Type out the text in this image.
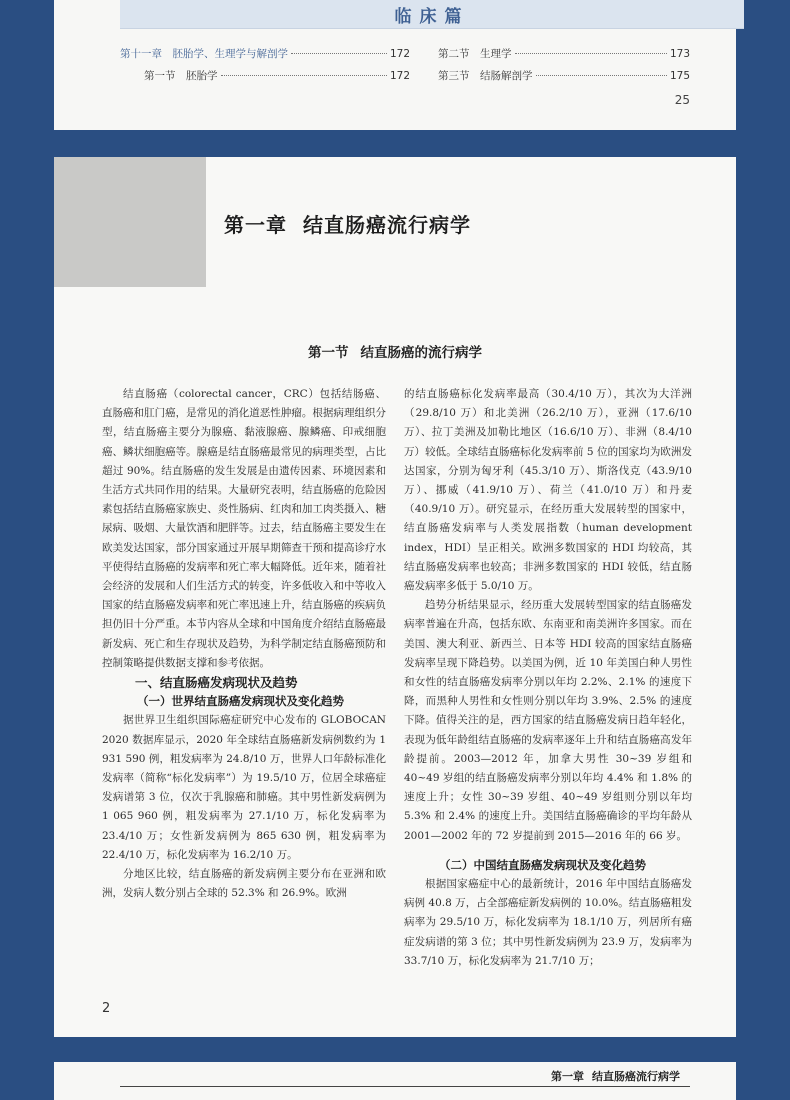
临床篇
第十一章　胚胎学、生理学与解剖学	172
第一节　胚胎学	172
第二节　生理学	173
第三节　结肠解剖学	175
25
第一章 结直肠癌流行病学
第一节 结直肠癌的流行病学

结直肠癌（colorectal cancer，CRC）包括结肠癌、直肠癌和肛门癌，是常见的消化道恶性肿瘤。根据病理组织分型，结直肠癌主要分为腺癌、黏液腺癌、腺鳞癌、印戒细胞癌、鳞状细胞癌等。腺癌是结直肠癌最常见的病理类型，占比超过 90%。结直肠癌的发生发展是由遗传因素、环境因素和生活方式共同作用的结果。大量研究表明，结直肠癌的危险因素包括结直肠癌家族史、炎性肠病、红肉和加工肉类摄入、糖尿病、吸烟、大量饮酒和肥胖等。过去，结直肠癌主要发生在欧美发达国家，部分国家通过开展早期筛查干预和提高诊疗水平使得结直肠癌的发病率和死亡率大幅降低。近年来，随着社会经济的发展和人们生活方式的转变，许多低收入和中等收入国家的结直肠癌发病率和死亡率迅速上升，结直肠癌的疾病负担仍旧十分严重。本节内容从全球和中国角度介绍结直肠癌最新发病、死亡和生存现状及趋势，为科学制定结直肠癌预防和控制策略提供数据支撑和参考依据。

一、结直肠癌发病现状及趋势

（一）世界结直肠癌发病现状及变化趋势

据世界卫生组织国际癌症研究中心发布的 GLOBOCAN 2020 数据库显示，2020 年全球结直肠癌新发病例数约为 1 931 590 例，粗发病率为 24.8/10 万，世界人口年龄标准化发病率（简称“标化发病率”）为 19.5/10 万，位居全球癌症发病谱第 3 位，仅次于乳腺癌和肺癌。其中男性新发病例为 1 065 960 例，粗发病率为 27.1/10 万，标化发病率为 23.4/10 万；女性新发病例为 865 630 例，粗发病率为 22.4/10 万，标化发病率为 16.2/10 万。

分地区比较，结直肠癌的新发病例主要分布在亚洲和欧洲，发病人数分别占全球的 52.3% 和 26.9%。欧洲

的结直肠癌标化发病率最高（30.4/10 万），其次为大洋洲（29.8/10 万）和北美洲（26.2/10 万），亚洲（17.6/10 万）、拉丁美洲及加勒比地区（16.6/10 万）、非洲（8.4/10 万）较低。全球结直肠癌标化发病率前 5 位的国家均为欧洲发达国家，分别为匈牙利（45.3/10 万）、斯洛伐克（43.9/10 万）、挪威（41.9/10 万）、荷兰（41.0/10 万）和丹麦（40.9/10 万）。研究显示，在经历重大发展转型的国家中，结直肠癌发病率与人类发展指数（human development index，HDI）呈正相关。欧洲多数国家的 HDI 均较高，其结直肠癌发病率也较高；非洲多数国家的 HDI 较低，结直肠癌发病率多低于 5.0/10 万。

趋势分析结果显示，经历重大发展转型国家的结直肠癌发病率普遍在升高，包括东欧、东南亚和南美洲许多国家。而在美国、澳大利亚、新西兰、日本等 HDI 较高的国家结直肠癌发病率呈现下降趋势。以美国为例，近 10 年美国白种人男性和女性的结直肠癌发病率分别以年均 2.2%、2.1% 的速度下降，而黑种人男性和女性则分别以年均 3.9%、2.5% 的速度下降。值得关注的是，西方国家的结直肠癌发病日趋年轻化，表现为低年龄组结直肠癌的发病率逐年上升和结直肠癌高发年龄提前。2003—2012 年，加拿大男性 30~39 岁组和 40~49 岁组的结直肠癌发病率分别以年均 4.4% 和 1.8% 的速度上升；女性 30~39 岁组、40~49 岁组则分别以年均 5.3% 和 2.4% 的速度上升。美国结直肠癌确诊的平均年龄从 2001—2002 年的 72 岁提前到 2015—2016 年的 66 岁。

（二）中国结直肠癌发病现状及变化趋势

根据国家癌症中心的最新统计，2016 年中国结直肠癌发病例 40.8 万，占全部癌症新发病例的 10.0%。结直肠癌粗发病率为 29.5/10 万，标化发病率为 18.1/10 万，列居所有癌症发病谱的第 3 位；其中男性新发病例为 23.9 万，发病率为 33.7/10 万，标化发病率为 21.7/10 万；

2
第一章 结直肠癌流行病学
